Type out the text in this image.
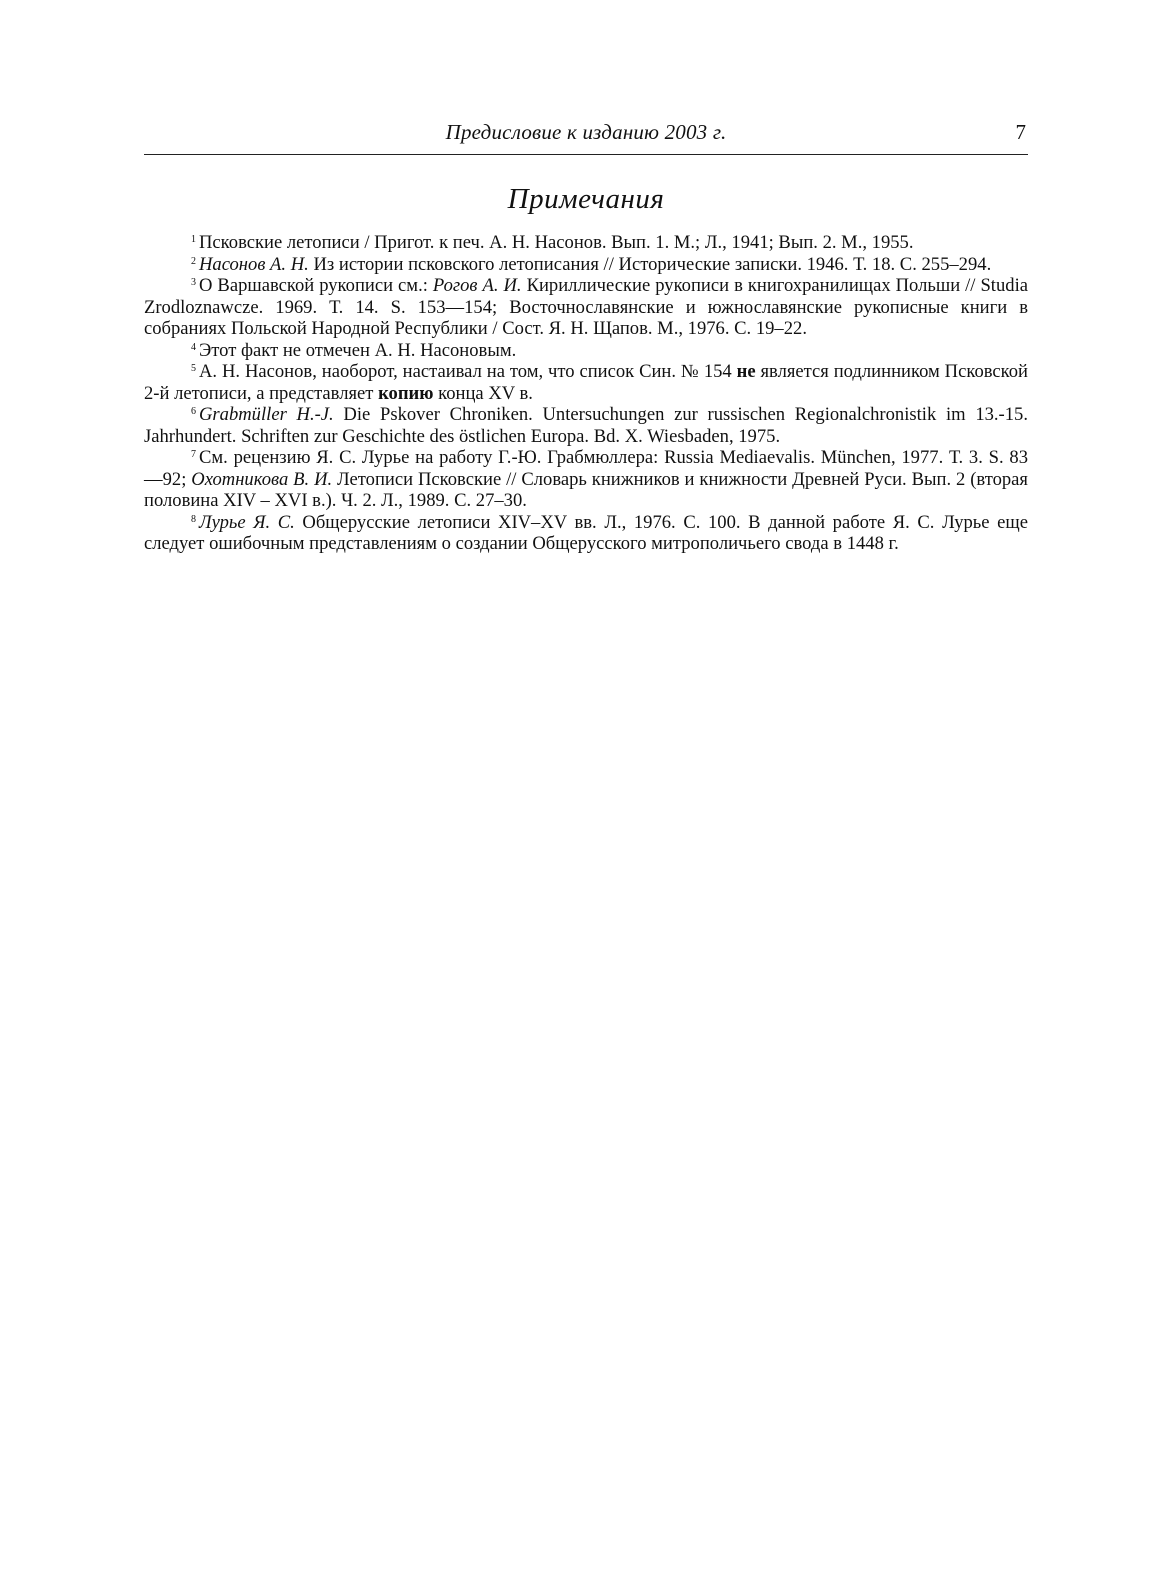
Предисловие к изданию 2003 г.	7
Примечания

$^1$ Псковские летописи / Пригот. к печ. А. Н. Насонов. Вып. 1. М.; Л., 1941; Вып. 2. М., 1955.

$^2$ Насонов А. Н. Из истории псковского летописания // Исторические записки. 1946. Т. 18. С. 255–294.

$^3$ О Варшавской рукописи см.: Рогов А. И. Кириллические рукописи в книгохранилищах Польши // Studia Zrodloznawcze. 1969. Т. 14. S. 153—154; Восточнославянские и южнославянские рукописные книги в собраниях Польской Народной Республики / Сост. Я. Н. Щапов. М., 1976. С. 19–22.

$^4$ Этот факт не отмечен А. Н. Насоновым.

$^5$ А. Н. Насонов, наоборот, настаивал на том, что список Син. № 154 не является подлинником Псковской 2-й летописи, а представляет копию конца XV в.

$^6$ Grabmüller H.-J. Die Pskover Chroniken. Untersuchungen zur russischen Regionalchronistik im 13.-15. Jahrhundert. Schriften zur Geschichte des östlichen Europa. Bd. X. Wiesbaden, 1975.

$^7$ См. рецензию Я. С. Лурье на работу Г.-Ю. Грабмюллера: Russia Mediaevalis. München, 1977. Т. 3. S. 83—92; Охотникова В. И. Летописи Псковские // Словарь книжников и книжности Древней Руси. Вып. 2 (вторая половина XIV – XVI в.). Ч. 2. Л., 1989. С. 27–30.

$^8$ Лурье Я. С. Общерусские летописи XIV–XV вв. Л., 1976. С. 100. В данной работе Я. С. Лурье еще следует ошибочным представлениям о создании Общерусского митрополичьего свода в 1448 г.
